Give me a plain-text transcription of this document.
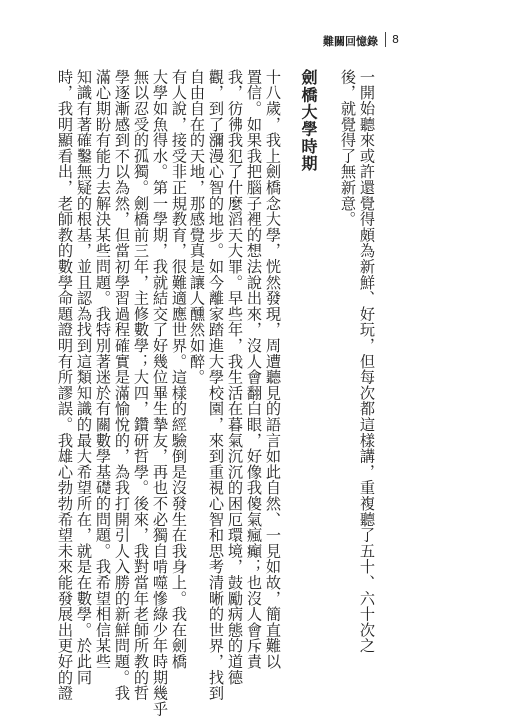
難關回憶錄 8
一開始聽來或許還覺得頗為新鮮、好玩，但每次都這樣講，重複聽了五十、六十次之
後，就覺得了無新意。
劍橋大學時期
十八歲，我上劍橋念大學，恍然發現，周遭聽見的語言如此自然、一見如故，簡直難以
置信。如果我把腦子裡的想法說出來，沒人會翻白眼，好像我傻氣瘋癲；也沒人會斥責
我，彷彿我犯了什麼滔天大罪。早些年，我生活在暮氣沉沉的困厄環境，鼓勵病態的道德
觀，到了瀰漫心智的地步。如今離家踏進大學校園，來到重視心智和思考清晰的世界，找到
自由自在的天地，那感覺真是讓人醺然如醉。
有人說，接受非正規教育，很難適應世界。這樣的經驗倒是沒發生在我身上。我在劍橋
大學如魚得水。第一學期，我就結交了好幾位畢生摯友，再也不必獨自啃噬慘綠少年時期幾乎
無以忍受的孤獨。劍橋前三年，主修數學；大四，鑽研哲學。後來，我對當年老師所教的哲
學逐漸感到不以為然，但當初學習過程確實是滿愉悅的，為我打開引人入勝的新鮮問題。我
滿心期盼有能力去解決某些問題。我特別著迷於有關數學基礎的問題。我希望相信某些
知識有著確鑿無疑的根基，並且認為找到這類知識的最大希望所在，就是在數學。於此同
時，我明顯看出，老師教的數學命題證明有所謬誤。我雄心勃勃希望未來能發展出更好的證
